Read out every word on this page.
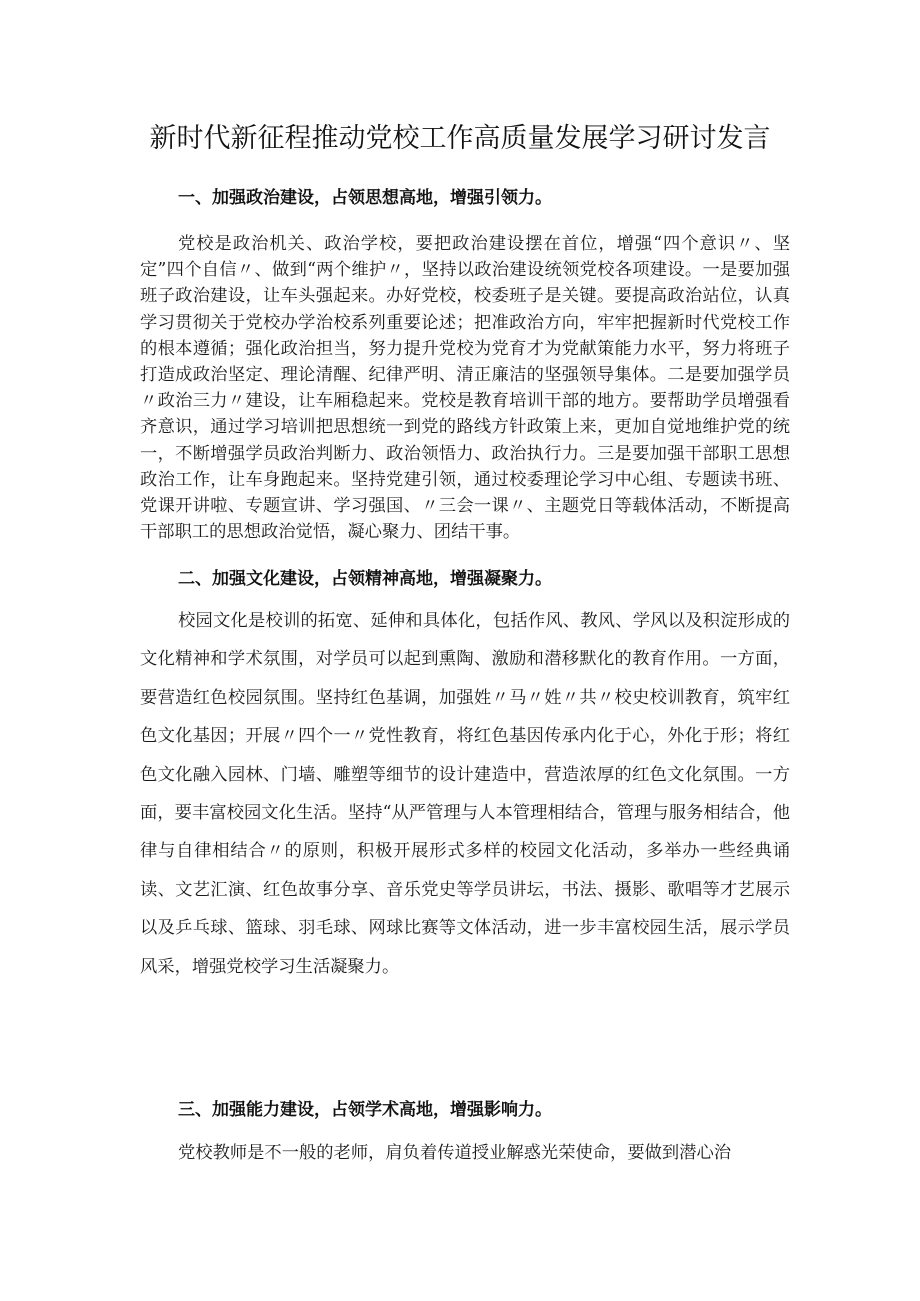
新时代新征程推动党校工作高质量发展学习研讨发言
一、加强政治建设，占领思想高地，增强引领力。

党校是政治机关、政治学校，要把政治建设摆在首位，增强“四个意识〃、坚定”四个自信〃、做到“两个维护〃，坚持以政治建设统领党校各项建设。一是要加强班子政治建设，让车头强起来。办好党校，校委班子是关键。要提高政治站位，认真学习贯彻关于党校办学治校系列重要论述；把准政治方向，牢牢把握新时代党校工作的根本遵循；强化政治担当，努力提升党校为党育才为党献策能力水平，努力将班子打造成政治坚定、理论清醒、纪律严明、清正廉洁的坚强领导集体。二是要加强学员〃政治三力〃建设，让车厢稳起来。党校是教育培训干部的地方。要帮助学员增强看齐意识，通过学习培训把思想统一到党的路线方针政策上来，更加自觉地维护党的统一，不断增强学员政治判断力、政治领悟力、政治执行力。三是要加强干部职工思想政治工作，让车身跑起来。坚持党建引领，通过校委理论学习中心组、专题读书班、党课开讲啦、专题宣讲、学习强国、〃三会一课〃、主题党日等载体活动，不断提高干部职工的思想政治觉悟，凝心聚力、团结干事。

二、加强文化建设，占领精神高地，增强凝聚力。

校园文化是校训的拓宽、延伸和具体化，包括作风、教风、学风以及积淀形成的文化精神和学术氛围，对学员可以起到熏陶、激励和潜移默化的教育作用。一方面，要营造红色校园氛围。坚持红色基调，加强姓〃马〃姓〃共〃校史校训教育，筑牢红色文化基因；开展〃四个一〃党性教育，将红色基因传承内化于心，外化于形；将红色文化融入园林、门墙、雕塑等细节的设计建造中，营造浓厚的红色文化氛围。一方面，要丰富校园文化生活。坚持“从严管理与人本管理相结合，管理与服务相结合，他律与自律相结合〃的原则，积极开展形式多样的校园文化活动，多举办一些经典诵读、文艺汇演、红色故事分享、音乐党史等学员讲坛，书法、摄影、歌唱等才艺展示以及乒乓球、篮球、羽毛球、网球比赛等文体活动，进一步丰富校园生活，展示学员风采，增强党校学习生活凝聚力。

三、加强能力建设，占领学术高地，增强影响力。

党校教师是不一般的老师，肩负着传道授业解惑光荣使命，要做到潜心治
